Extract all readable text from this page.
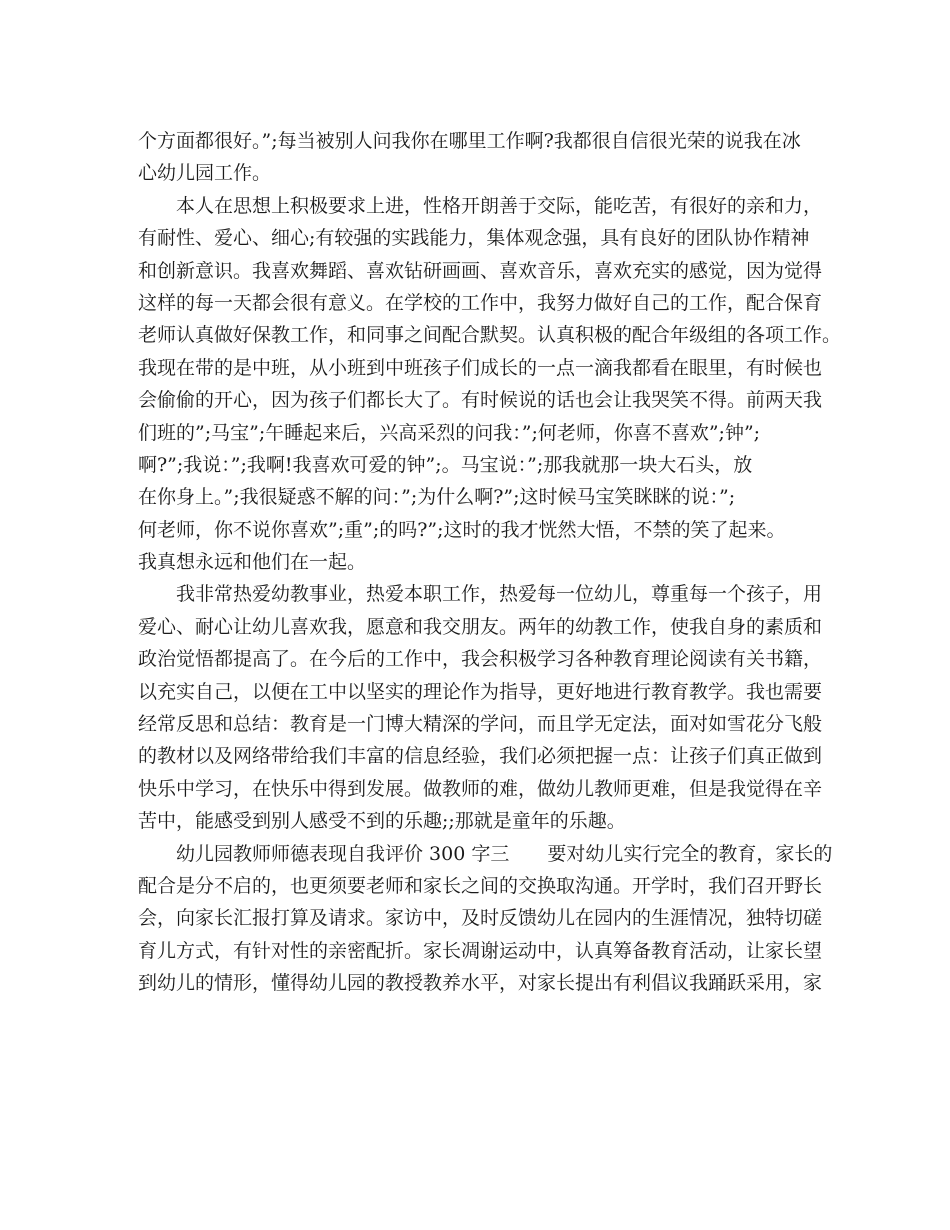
个方面都很好。”;每当被别人问我你在哪里工作啊?我都很自信很光荣的说我在冰
心幼儿园工作。
本人在思想上积极要求上进，性格开朗善于交际，能吃苦，有很好的亲和力，
有耐性、爱心、细心;有较强的实践能力，集体观念强，具有良好的团队协作精神
和创新意识。我喜欢舞蹈、喜欢钻研画画、喜欢音乐，喜欢充实的感觉，因为觉得
这样的每一天都会很有意义。在学校的工作中，我努力做好自己的工作，配合保育
老师认真做好保教工作，和同事之间配合默契。认真积极的配合年级组的各项工作。
我现在带的是中班，从小班到中班孩子们成长的一点一滴我都看在眼里，有时候也
会偷偷的开心，因为孩子们都长大了。有时候说的话也会让我哭笑不得。前两天我
们班的”;马宝”;午睡起来后，兴高采烈的问我：”;何老师，你喜不喜欢”;钟”;
啊?”;我说：”;我啊!我喜欢可爱的钟”;。马宝说：”;那我就那一块大石头，放
在你身上。”;我很疑惑不解的问：”;为什么啊?”;这时候马宝笑眯眯的说：”;
何老师，你不说你喜欢”;重”;的吗?”;这时的我才恍然大悟，不禁的笑了起来。
我真想永远和他们在一起。
我非常热爱幼教事业，热爱本职工作，热爱每一位幼儿，尊重每一个孩子，用
爱心、耐心让幼儿喜欢我，愿意和我交朋友。两年的幼教工作，使我自身的素质和
政治觉悟都提高了。在今后的工作中，我会积极学习各种教育理论阅读有关书籍，
以充实自己，以便在工中以坚实的理论作为指导，更好地进行教育教学。我也需要
经常反思和总结：教育是一门博大精深的学问，而且学无定法，面对如雪花分飞般
的教材以及网络带给我们丰富的信息经验，我们必须把握一点：让孩子们真正做到
快乐中学习，在快乐中得到发展。做教师的难，做幼儿教师更难，但是我觉得在辛
苦中，能感受到别人感受不到的乐趣;;那就是童年的乐趣。
幼儿园教师师德表现自我评价 300 字三　　要对幼儿实行完全的教育，家长的
配合是分不启的，也更须要老师和家长之间的交换取沟通。开学时，我们召开野长
会，向家长汇报打算及请求。家访中，及时反馈幼儿在园内的生涯情况，独特切磋
育儿方式，有针对性的亲密配折。家长凋谢运动中，认真筹备教育活动，让家长望
到幼儿的情形，懂得幼儿园的教授教养水平，对家长提出有利倡议我踊跃采用，家
